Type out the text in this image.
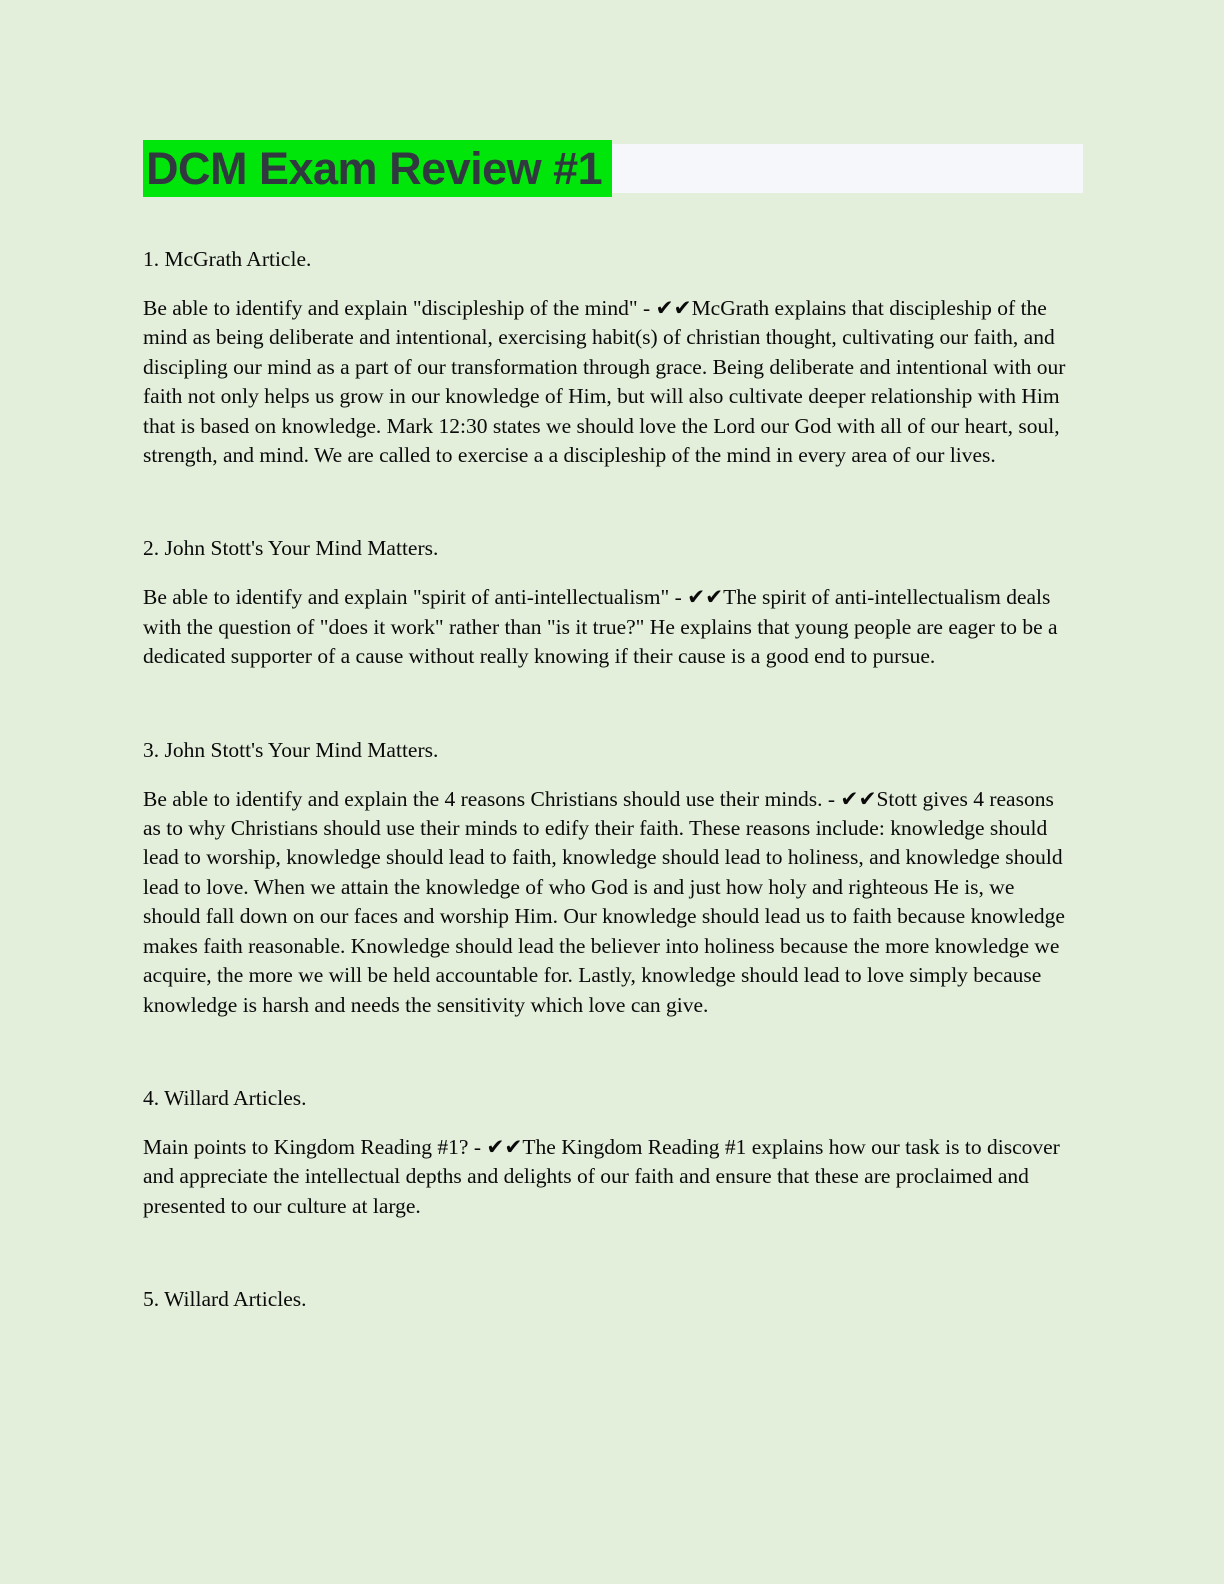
DCM Exam Review #1

1. McGrath Article.

Be able to identify and explain "discipleship of the mind" - ✔✔McGrath explains that discipleship of the mind as being deliberate and intentional, exercising habit(s) of christian thought, cultivating our faith, and discipling our mind as a part of our transformation through grace. Being deliberate and intentional with our faith not only helps us grow in our knowledge of Him, but will also cultivate deeper relationship with Him that is based on knowledge. Mark 12:30 states we should love the Lord our God with all of our heart, soul, strength, and mind. We are called to exercise a a discipleship of the mind in every area of our lives.

2. John Stott's Your Mind Matters.

Be able to identify and explain "spirit of anti-intellectualism" - ✔✔The spirit of anti-intellectualism deals with the question of "does it work" rather than "is it true?" He explains that young people are eager to be a dedicated supporter of a cause without really knowing if their cause is a good end to pursue.

3. John Stott's Your Mind Matters.

Be able to identify and explain the 4 reasons Christians should use their minds. - ✔✔Stott gives 4 reasons as to why Christians should use their minds to edify their faith. These reasons include: knowledge should lead to worship, knowledge should lead to faith, knowledge should lead to holiness, and knowledge should lead to love. When we attain the knowledge of who God is and just how holy and righteous He is, we should fall down on our faces and worship Him. Our knowledge should lead us to faith because knowledge makes faith reasonable. Knowledge should lead the believer into holiness because the more knowledge we acquire, the more we will be held accountable for. Lastly, knowledge should lead to love simply because knowledge is harsh and needs the sensitivity which love can give.

4. Willard Articles.

Main points to Kingdom Reading #1? - ✔✔The Kingdom Reading #1 explains how our task is to discover and appreciate the intellectual depths and delights of our faith and ensure that these are proclaimed and presented to our culture at large.

5. Willard Articles.
